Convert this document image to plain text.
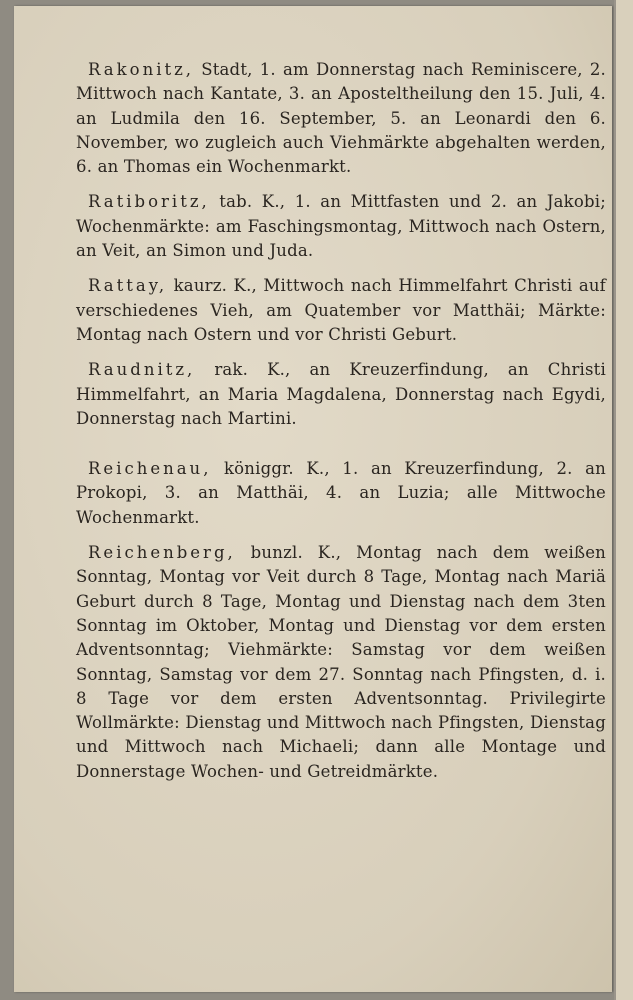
Rakonitz, Stadt, 1. am Donnerstag nach Reminiscere, 2. Mittwoch nach Kantate, 3. an Aposteltheilung den 15. Juli, 4. an Ludmila den 16. September, 5. an Leonardi den 6. November, wo zugleich auch Viehmärkte abgehalten werden, 6. an Thomas ein Wochenmarkt.

Ratiboritz, tab. K., 1. an Mittfasten und 2. an Jakobi; Wochenmärkte: am Faschingsmontag, Mittwoch nach Ostern, an Veit, an Simon und Juda.

Rattay, kaurz. K., Mittwoch nach Himmelfahrt Christi auf verschiedenes Vieh, am Quatember vor Matthäi; Märkte: Montag nach Ostern und vor Christi Geburt.

Raudnitz, rak. K., an Kreuzerfindung, an Christi Himmelfahrt, an Maria Magdalena, Donnerstag nach Egydi, Donnerstag nach Martini.

Reichenau, königgr. K., 1. an Kreuzerfindung, 2. an Prokopi, 3. an Matthäi, 4. an Luzia; alle Mittwoche Wochenmarkt.

Reichenberg, bunzl. K., Montag nach dem weißen Sonntag, Montag vor Veit durch 8 Tage, Montag nach Mariä Geburt durch 8 Tage, Montag und Dienstag nach dem 3ten Sonntag im Oktober, Montag und Dienstag vor dem ersten Adventsonntag; Viehmärkte: Samstag vor dem weißen Sonntag, Samstag vor dem 27. Sonntag nach Pfingsten, d. i. 8 Tage vor dem ersten Adventsonntag. Privilegirte Wollmärkte: Dienstag und Mittwoch nach Pfingsten, Dienstag und Mittwoch nach Michaeli; dann alle Montage und Donnerstage Wochen- und Getreidmärkte.
